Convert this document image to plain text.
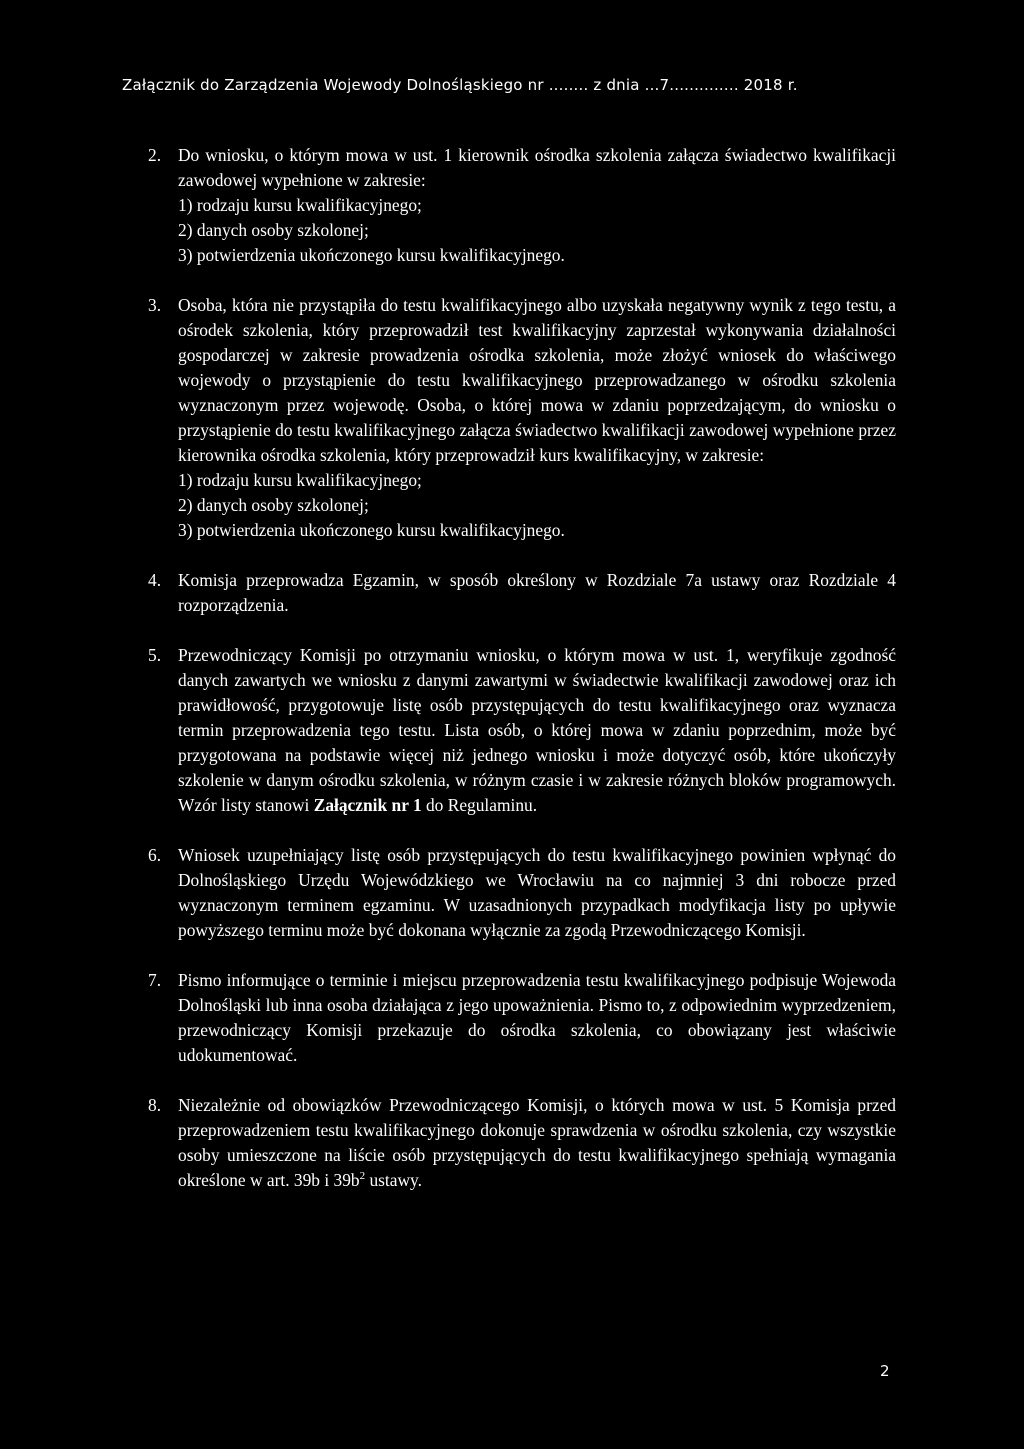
Załącznik do Zarządzenia Wojewody Dolnośląskiego nr ........ z dnia ...7.............. 2018 r.
2. Do wniosku, o którym mowa w ust. 1 kierownik ośrodka szkolenia załącza świadectwo kwalifikacji zawodowej wypełnione w zakresie:

1) rodzaju kursu kwalifikacyjnego;
2) danych osoby szkolonej;
3) potwierdzenia ukończonego kursu kwalifikacyjnego.
3. Osoba, która nie przystąpiła do testu kwalifikacyjnego albo uzyskała negatywny wynik z tego testu, a ośrodek szkolenia, który przeprowadził test kwalifikacyjny zaprzestał wykonywania działalności gospodarczej w zakresie prowadzenia ośrodka szkolenia, może złożyć wniosek do właściwego wojewody o przystąpienie do testu kwalifikacyjnego przeprowadzanego w ośrodku szkolenia wyznaczonym przez wojewodę. Osoba, o której mowa w zdaniu poprzedzającym, do wniosku o przystąpienie do testu kwalifikacyjnego załącza świadectwo kwalifikacji zawodowej wypełnione przez kierownika ośrodka szkolenia, który przeprowadził kurs kwalifikacyjny, w zakresie:

1) rodzaju kursu kwalifikacyjnego;
2) danych osoby szkolonej;
3) potwierdzenia ukończonego kursu kwalifikacyjnego.
4. Komisja przeprowadza Egzamin, w sposób określony w Rozdziale 7a ustawy oraz Rozdziale 4 rozporządzenia.

5. Przewodniczący Komisji po otrzymaniu wniosku, o którym mowa w ust. 1, weryfikuje zgodność danych zawartych we wniosku z danymi zawartymi w świadectwie kwalifikacji zawodowej oraz ich prawidłowość, przygotowuje listę osób przystępujących do testu kwalifikacyjnego oraz wyznacza termin przeprowadzenia tego testu. Lista osób, o której mowa w zdaniu poprzednim, może być przygotowana na podstawie więcej niż jednego wniosku i może dotyczyć osób, które ukończyły szkolenie w danym ośrodku szkolenia, w różnym czasie i w zakresie różnych bloków programowych. Wzór listy stanowi Załącznik nr 1 do Regulaminu.

6. Wniosek uzupełniający listę osób przystępujących do testu kwalifikacyjnego powinien wpłynąć do Dolnośląskiego Urzędu Wojewódzkiego we Wrocławiu na co najmniej 3 dni robocze przed wyznaczonym terminem egzaminu. W uzasadnionych przypadkach modyfikacja listy po upływie powyższego terminu może być dokonana wyłącznie za zgodą Przewodniczącego Komisji.

7. Pismo informujące o terminie i miejscu przeprowadzenia testu kwalifikacyjnego podpisuje Wojewoda Dolnośląski lub inna osoba działająca z jego upoważnienia. Pismo to, z odpowiednim wyprzedzeniem, przewodniczący Komisji przekazuje do ośrodka szkolenia, co obowiązany jest właściwie udokumentować.

8. Niezależnie od obowiązków Przewodniczącego Komisji, o których mowa w ust. 5 Komisja przed przeprowadzeniem testu kwalifikacyjnego dokonuje sprawdzenia w ośrodku szkolenia, czy wszystkie osoby umieszczone na liście osób przystępujących do testu kwalifikacyjnego spełniają wymagania określone w art. 39b i $39b^2$ ustawy.

2
